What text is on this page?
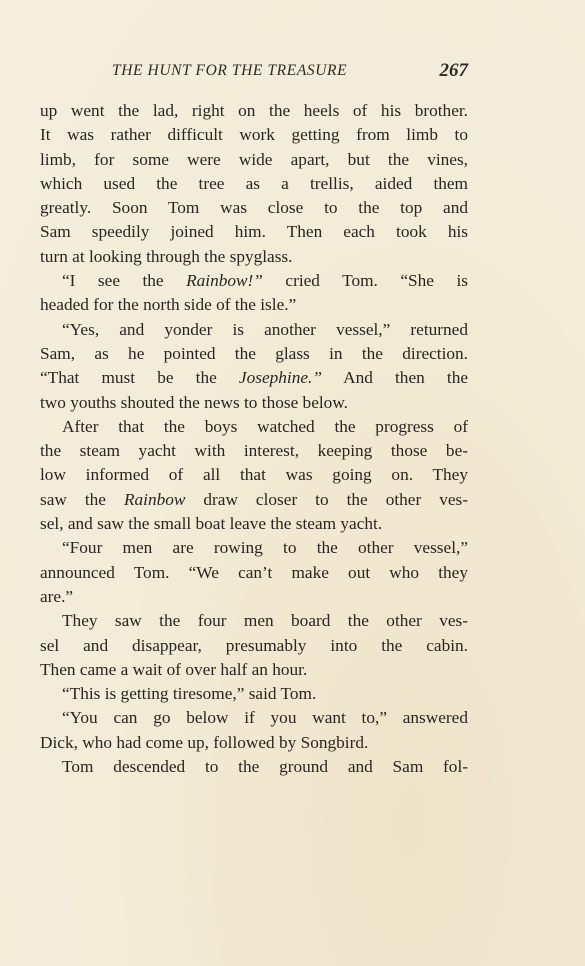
THE HUNT FOR THE TREASURE	267
up went the lad, right on the heels of his brother.
It was rather difficult work getting from limb to
limb, for some were wide apart, but the vines,
which used the tree as a trellis, aided them
greatly. Soon Tom was close to the top and
Sam speedily joined him. Then each took his
turn at looking through the spyglass.
“I see the Rainbow!” cried Tom. “She is
headed for the north side of the isle.”
“Yes, and yonder is another vessel,” returned
Sam, as he pointed the glass in the direction.
“That must be the Josephine.” And then the
two youths shouted the news to those below.
After that the boys watched the progress of
the steam yacht with interest, keeping those be-
low informed of all that was going on. They
saw the Rainbow draw closer to the other ves-
sel, and saw the small boat leave the steam yacht.
“Four men are rowing to the other vessel,”
announced Tom. “We can’t make out who they
are.”
They saw the four men board the other ves-
sel and disappear, presumably into the cabin.
Then came a wait of over half an hour.
“This is getting tiresome,” said Tom.
“You can go below if you want to,” answered
Dick, who had come up, followed by Songbird.
Tom descended to the ground and Sam fol-
